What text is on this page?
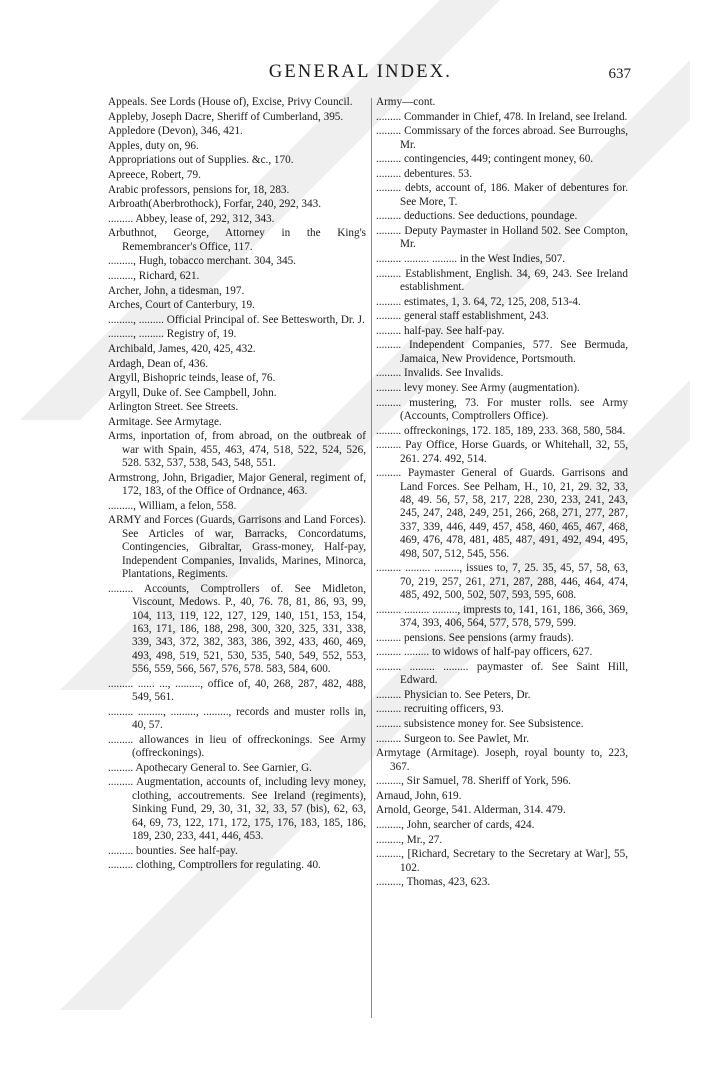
GENERAL INDEX.	637

Appeals. See Lords (House of), Excise, Privy Council.

Appleby, Joseph Dacre, Sheriff of Cumberland, 395.

Appledore (Devon), 346, 421.

Apples, duty on, 96.

Appropriations out of Supplies. &c., 170.

Apreece, Robert, 79.

Arabic professors, pensions for, 18, 283.

Arbroath(Aberbrothock), Forfar, 240, 292, 343.

......... Abbey, lease of, 292, 312, 343.

Arbuthnot, George, Attorney in the King's Remembrancer's Office, 117.

........., Hugh, tobacco merchant. 304, 345.

........., Richard, 621.

Archer, John, a tidesman, 197.

Arches, Court of Canterbury, 19.

........., ......... Official Principal of. See Bettesworth, Dr. J.

........., ......... Registry of, 19.

Archibald, James, 420, 425, 432.

Ardagh, Dean of, 436.

Argyll, Bishopric teinds, lease of, 76.

Argyll, Duke of. See Campbell, John.

Arlington Street. See Streets.

Armitage. See Armytage.

Arms, inportation of, from abroad, on the outbreak of war with Spain, 455, 463, 474, 518, 522, 524, 526, 528. 532, 537, 538, 543, 548, 551.

Armstrong, John, Brigadier, Major General, regiment of, 172, 183, of the Office of Ordnance, 463.

........., William, a felon, 558.

ARMY and Forces (Guards, Garrisons and Land Forces). See Articles of war, Barracks, Concordatums, Contingencies, Gibraltar, Grass-money, Half-pay, Independent Companies, Invalids, Marines, Minorca, Plantations, Regiments.

......... Accounts, Comptrollers of. See Midleton, Viscount, Medows. P., 40, 76. 78, 81, 86, 93, 99, 104, 113, 119, 122, 127, 129, 140, 151, 153, 154, 163, 171, 186, 188, 298, 300, 320, 325, 331, 338, 339, 343, 372, 382, 383, 386, 392, 433, 460, 469, 493, 498, 519, 521, 530, 535, 540, 549, 552, 553, 556, 559, 566, 567, 576, 578. 583, 584, 600.

......... ...... ..., ........., office of, 40, 268, 287, 482, 488, 549, 561.

......... ........., ........., ........., records and muster rolls in, 40, 57.

......... allowances in lieu of offreckonings. See Army (offreckonings).

......... Apothecary General to. See Garnier, G.

......... Augmentation, accounts of, including levy money, clothing, accoutrements. See Ireland (regiments), Sinking Fund, 29, 30, 31, 32, 33, 57 (bis), 62, 63, 64, 69, 73, 122, 171, 172, 175, 176, 183, 185, 186, 189, 230, 233, 441, 446, 453.

......... bounties. See half-pay.

......... clothing, Comptrollers for regulating. 40.

Army—cont.

......... Commander in Chief, 478. In Ireland, see Ireland.

......... Commissary of the forces abroad. See Burroughs, Mr.

......... contingencies, 449; contingent money, 60.

......... debentures. 53.

......... debts, account of, 186. Maker of debentures for. See More, T.

......... deductions. See deductions, poundage.

......... Deputy Paymaster in Holland 502. See Compton, Mr.

......... ......... ......... in the West Indies, 507.

......... Establishment, English. 34, 69, 243. See Ireland establishment.

......... estimates, 1, 3. 64, 72, 125, 208, 513-4.

......... general staff establishment, 243.

......... half-pay. See half-pay.

......... Independent Companies, 577. See Bermuda, Jamaica, New Providence, Portsmouth.

......... Invalids. See Invalids.

......... levy money. See Army (augmentation).

......... mustering, 73. For muster rolls. see Army (Accounts, Comptrollers Office).

......... offreckonings, 172. 185, 189, 233. 368, 580, 584.

......... Pay Office, Horse Guards, or Whitehall, 32, 55, 261. 274. 492, 514.

......... Paymaster General of Guards. Garrisons and Land Forces. See Pelham, H., 10, 21, 29. 32, 33, 48, 49. 56, 57, 58, 217, 228, 230, 233, 241, 243, 245, 247, 248, 249, 251, 266, 268, 271, 277, 287, 337, 339, 446, 449, 457, 458, 460, 465, 467, 468, 469, 476, 478, 481, 485, 487, 491, 492, 494, 495, 498, 507, 512, 545, 556.

......... ......... ........., issues to, 7, 25. 35, 45, 57, 58, 63, 70, 219, 257, 261, 271, 287, 288, 446, 464, 474, 485, 492, 500, 502, 507, 593, 595, 608.

......... ......... ........., imprests to, 141, 161, 186, 366, 369, 374, 393, 406, 564, 577, 578, 579, 599.

......... pensions. See pensions (army frauds).

......... ......... to widows of half-pay officers, 627.

......... ......... ......... paymaster of. See Saint Hill, Edward.

......... Physician to. See Peters, Dr.

......... recruiting officers, 93.

......... subsistence money for. See Subsistence.

......... Surgeon to. See Pawlet, Mr.

Armytage (Armitage). Joseph, royal bounty to, 223, 367.

........., Sir Samuel, 78. Sheriff of York, 596.

Arnaud, John, 619.

Arnold, George, 541. Alderman, 314. 479.

........., John, searcher of cards, 424.

........., Mr., 27.

........., [Richard, Secretary to the Secretary at War], 55, 102.

........., Thomas, 423, 623.
